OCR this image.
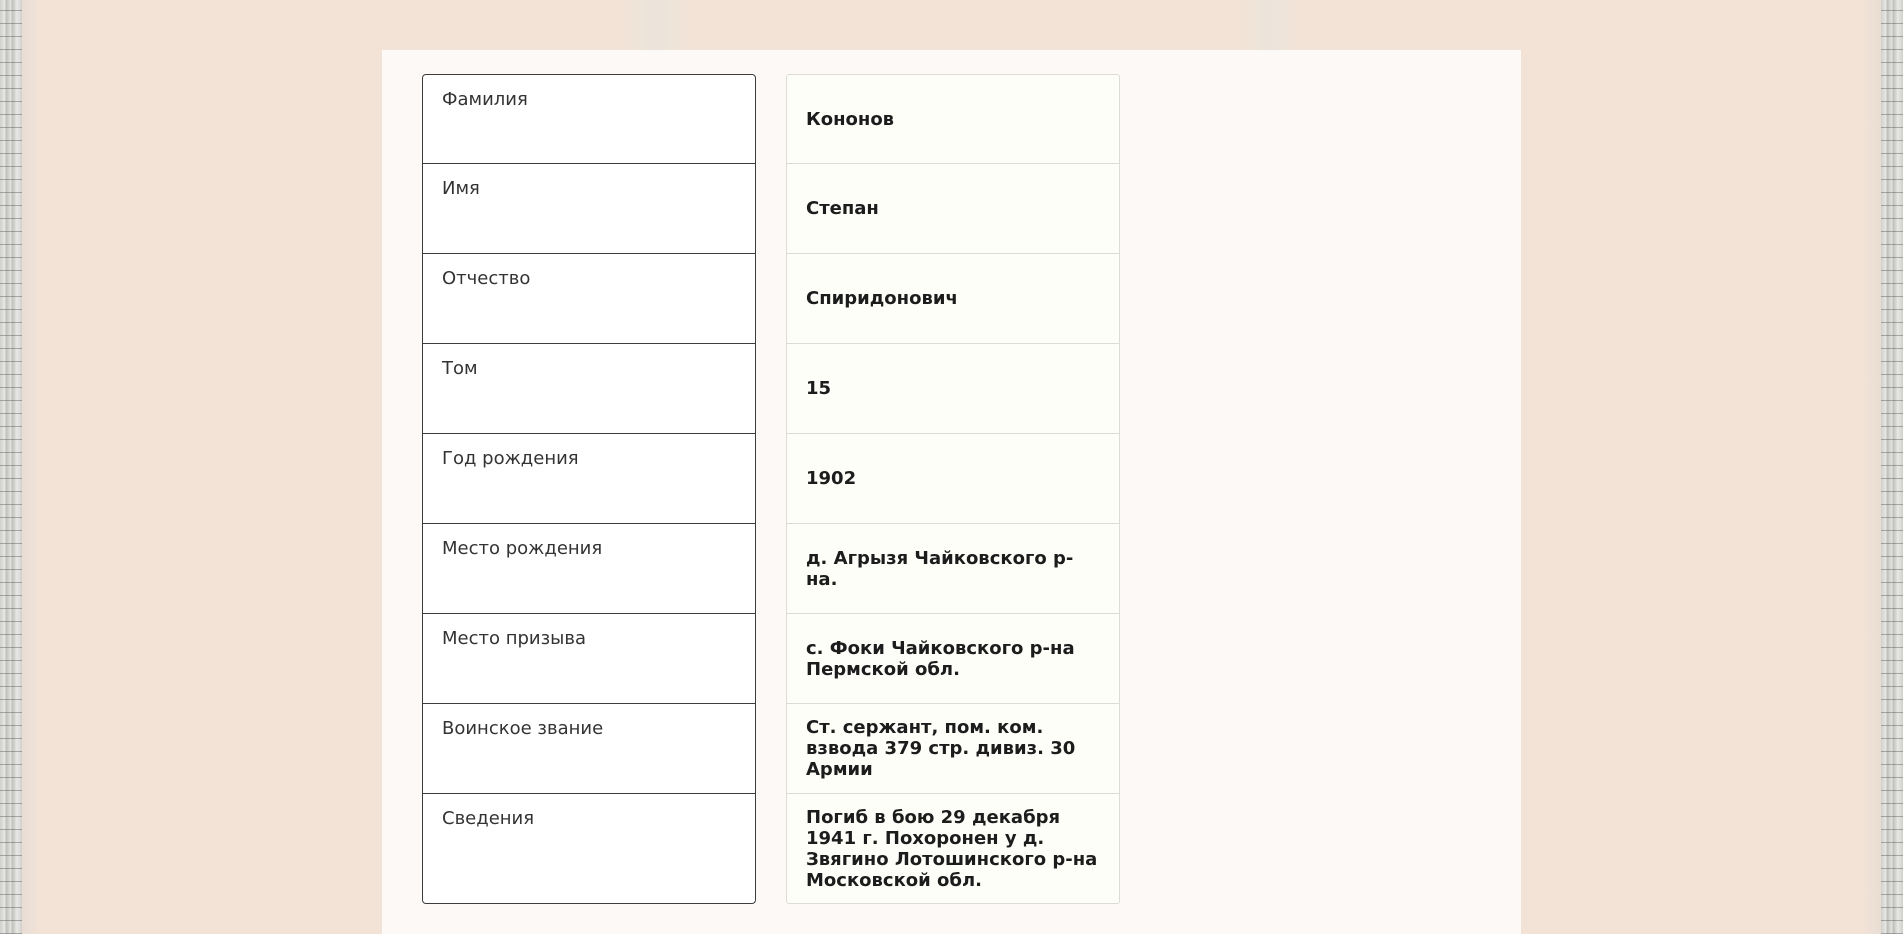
Фамилия
Имя
Отчество
Том
Год рождения
Место рождения
Место призыва
Воинское звание
Сведения
Кононов
Степан
Спиридонович
15
1902
д. Агрызя Чайковского р-на.
с. Фоки Чайковского р-на Пермской обл.
Ст. сержант, пом. ком. взвода 379 стр. дивиз. 30 Армии
Погиб в бою 29 декабря 1941 г. Похоронен у д. Звягино Лотошинского р-на Московской обл.
